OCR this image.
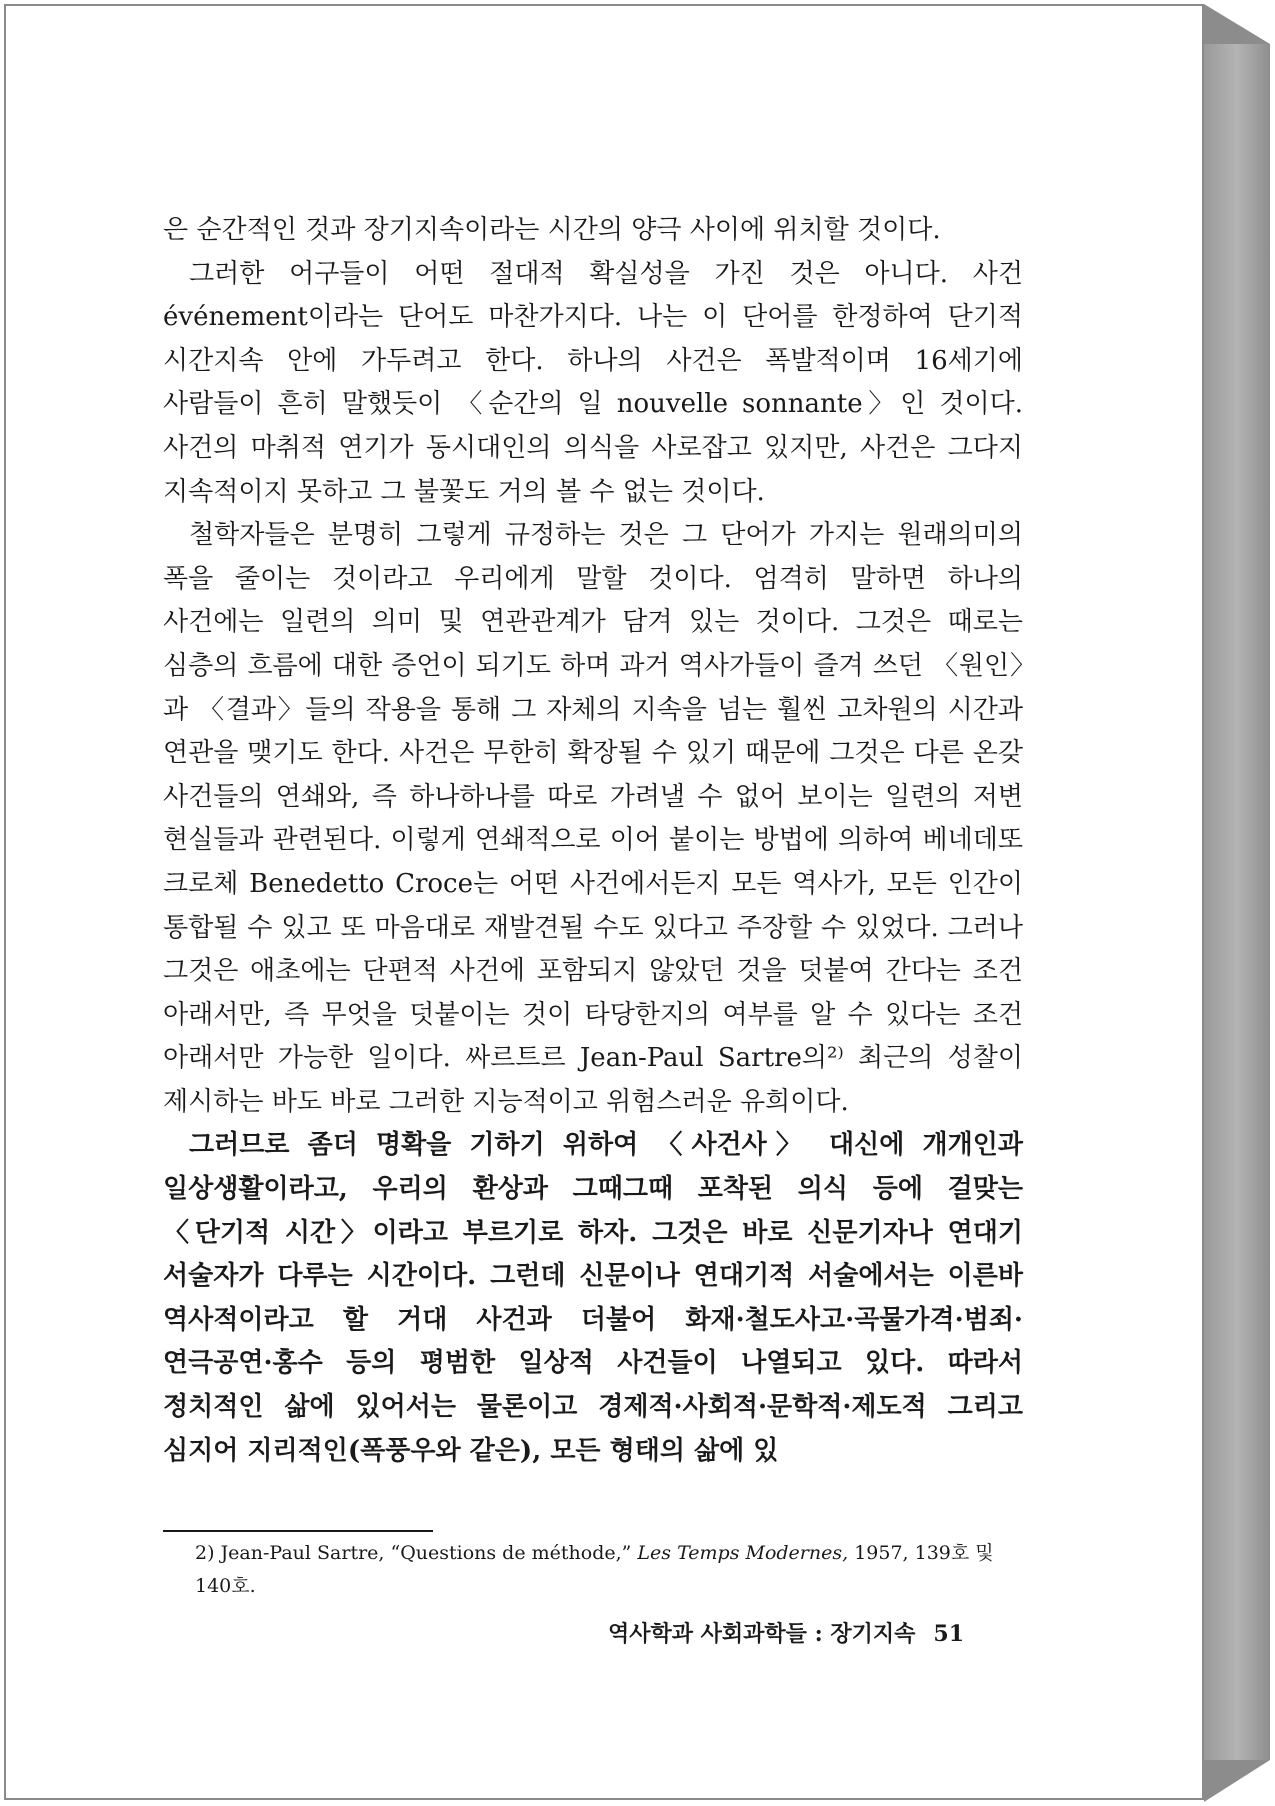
은 순간적인 것과 장기지속이라는 시간의 양극 사이에 위치할 것이다.

그러한 어구들이 어떤 절대적 확실성을 가진 것은 아니다. 사건 événement이라는 단어도 마찬가지다. 나는 이 단어를 한정하여 단기적 시간지속 안에 가두려고 한다. 하나의 사건은 폭발적이며 16세기에 사람들이 흔히 말했듯이 〈순간의 일 nouvelle sonnante〉인 것이다. 사건의 마취적 연기가 동시대인의 의식을 사로잡고 있지만, 사건은 그다지 지속적이지 못하고 그 불꽃도 거의 볼 수 없는 것이다.

철학자들은 분명히 그렇게 규정하는 것은 그 단어가 가지는 원래의미의 폭을 줄이는 것이라고 우리에게 말할 것이다. 엄격히 말하면 하나의 사건에는 일련의 의미 및 연관관계가 담겨 있는 것이다. 그것은 때로는 심층의 흐름에 대한 증언이 되기도 하며 과거 역사가들이 즐겨 쓰던 〈원인〉과 〈결과〉들의 작용을 통해 그 자체의 지속을 넘는 훨씬 고차원의 시간과 연관을 맺기도 한다. 사건은 무한히 확장될 수 있기 때문에 그것은 다른 온갖 사건들의 연쇄와, 즉 하나하나를 따로 가려낼 수 없어 보이는 일련의 저변 현실들과 관련된다. 이렇게 연쇄적으로 이어 붙이는 방법에 의하여 베네데또 크로체 Benedetto Croce는 어떤 사건에서든지 모든 역사가, 모든 인간이 통합될 수 있고 또 마음대로 재발견될 수도 있다고 주장할 수 있었다. 그러나 그것은 애초에는 단편적 사건에 포함되지 않았던 것을 덧붙여 간다는 조건 아래서만, 즉 무엇을 덧붙이는 것이 타당한지의 여부를 알 수 있다는 조건 아래서만 가능한 일이다. 싸르트르 Jean-Paul Sartre의²⁾ 최근의 성찰이 제시하는 바도 바로 그러한 지능적이고 위험스러운 유희이다.

그러므로 좀더 명확을 기하기 위하여 〈사건사〉 대신에 개개인과 일상생활이라고, 우리의 환상과 그때그때 포착된 의식 등에 걸맞는 〈단기적 시간〉이라고 부르기로 하자. 그것은 바로 신문기자나 연대기 서술자가 다루는 시간이다. 그런데 신문이나 연대기적 서술에서는 이른바 역사적이라고 할 거대 사건과 더불어 화재·철도사고·곡물가격·범죄·연극공연·홍수 등의 평범한 일상적 사건들이 나열되고 있다. 따라서 정치적인 삶에 있어서는 물론이고 경제적·사회적·문학적·제도적 그리고 심지어 지리적인(폭풍우와 같은), 모든 형태의 삶에 있

2) Jean-Paul Sartre, “Questions de méthode,” Les Temps Modernes, 1957, 139호 및 140호.
역사학과 사회과학들 : 장기지속 51
